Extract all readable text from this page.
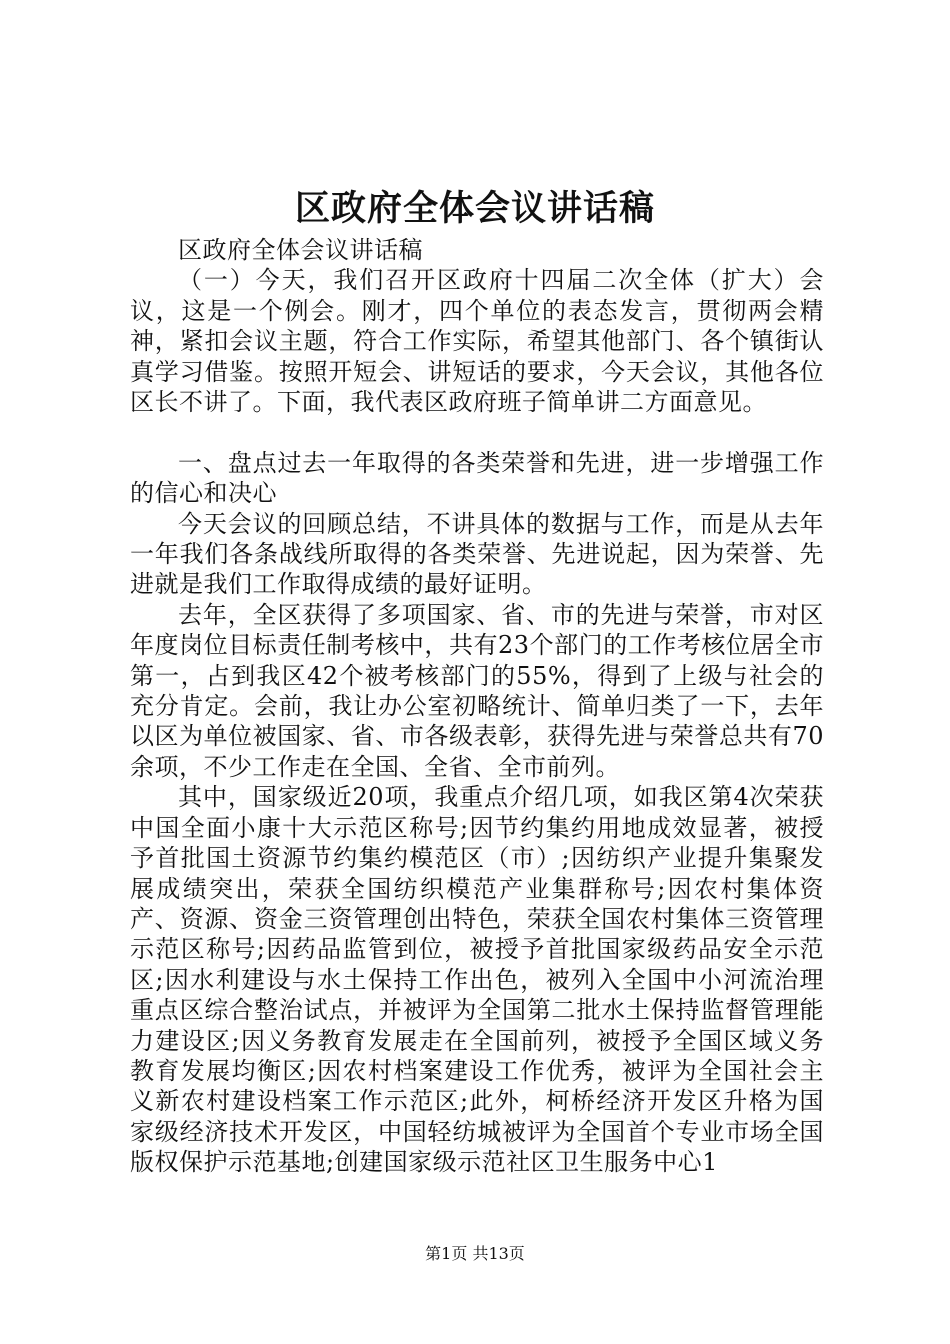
区政府全体会议讲话稿

区政府全体会议讲话稿

（一）今天，我们召开区政府十四届二次全体（扩大）会议，这是一个例会。刚才，四个单位的表态发言，贯彻两会精神，紧扣会议主题，符合工作实际，希望其他部门、各个镇街认真学习借鉴。按照开短会、讲短话的要求，今天会议，其他各位区长不讲了。下面，我代表区政府班子简单讲二方面意见。

一、盘点过去一年取得的各类荣誉和先进，进一步增强工作的信心和决心

今天会议的回顾总结，不讲具体的数据与工作，而是从去年一年我们各条战线所取得的各类荣誉、先进说起，因为荣誉、先进就是我们工作取得成绩的最好证明。

去年，全区获得了多项国家、省、市的先进与荣誉，市对区年度岗位目标责任制考核中，共有23个部门的工作考核位居全市第一，占到我区42个被考核部门的55%，得到了上级与社会的充分肯定。会前，我让办公室初略统计、简单归类了一下，去年以区为单位被国家、省、市各级表彰，获得先进与荣誉总共有70余项，不少工作走在全国、全省、全市前列。

其中，国家级近20项，我重点介绍几项，如我区第4次荣获中国全面小康十大示范区称号;因节约集约用地成效显著，被授予首批国土资源节约集约模范区（市）;因纺织产业提升集聚发展成绩突出，荣获全国纺织模范产业集群称号;因农村集体资产、资源、资金三资管理创出特色，荣获全国农村集体三资管理示范区称号;因药品监管到位，被授予首批国家级药品安全示范区;因水利建设与水土保持工作出色，被列入全国中小河流治理重点区综合整治试点，并被评为全国第二批水土保持监督管理能力建设区;因义务教育发展走在全国前列，被授予全国区域义务教育发展均衡区;因农村档案建设工作优秀，被评为全国社会主义新农村建设档案工作示范区;此外，柯桥经济开发区升格为国家级经济技术开发区，中国轻纺城被评为全国首个专业市场全国版权保护示范基地;创建国家级示范社区卫生服务中心1

第1页 共13页
